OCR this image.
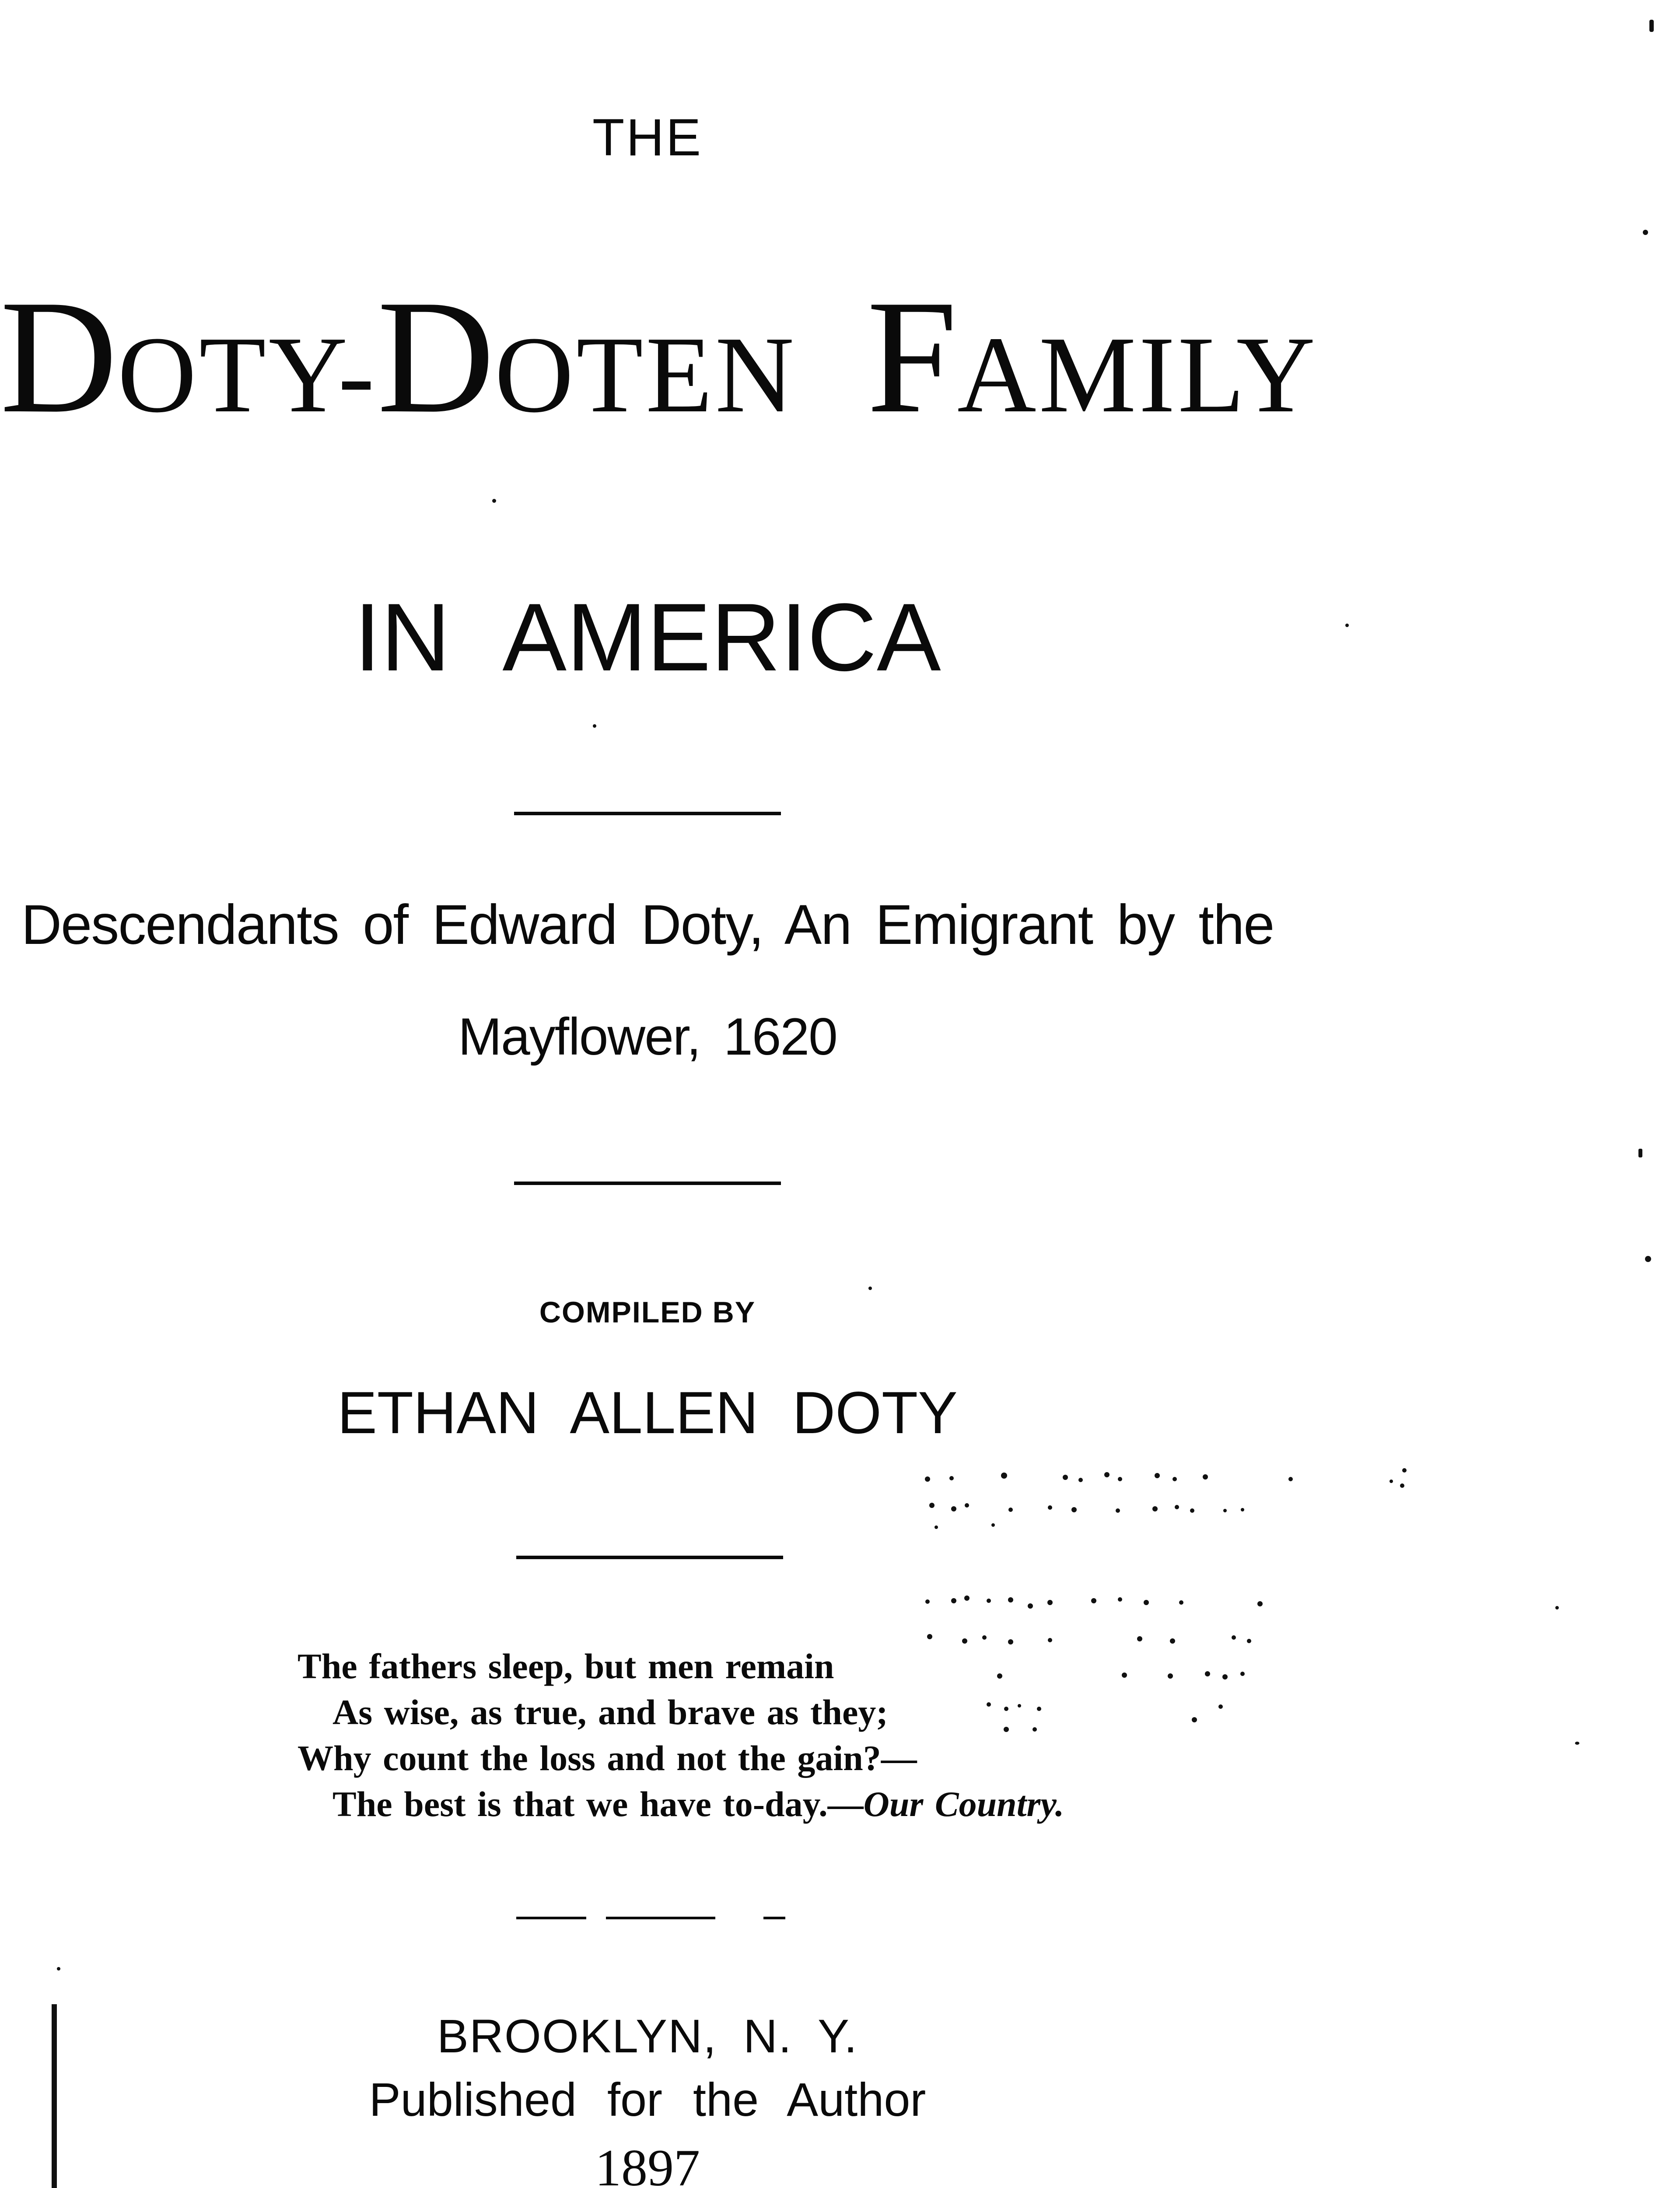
THE
DOTY-DOTEN FAMILY
IN AMERICA
Descendants of Edward Doty, An Emigrant by the
Mayflower, 1620
COMPILED BY
ETHAN ALLEN DOTY
The fathers sleep, but men remain
As wise, as true, and brave as they;
Why count the loss and not the gain?—
The best is that we have to-day.—Our Country.
BROOKLYN, N. Y.
Published for the Author
1897
